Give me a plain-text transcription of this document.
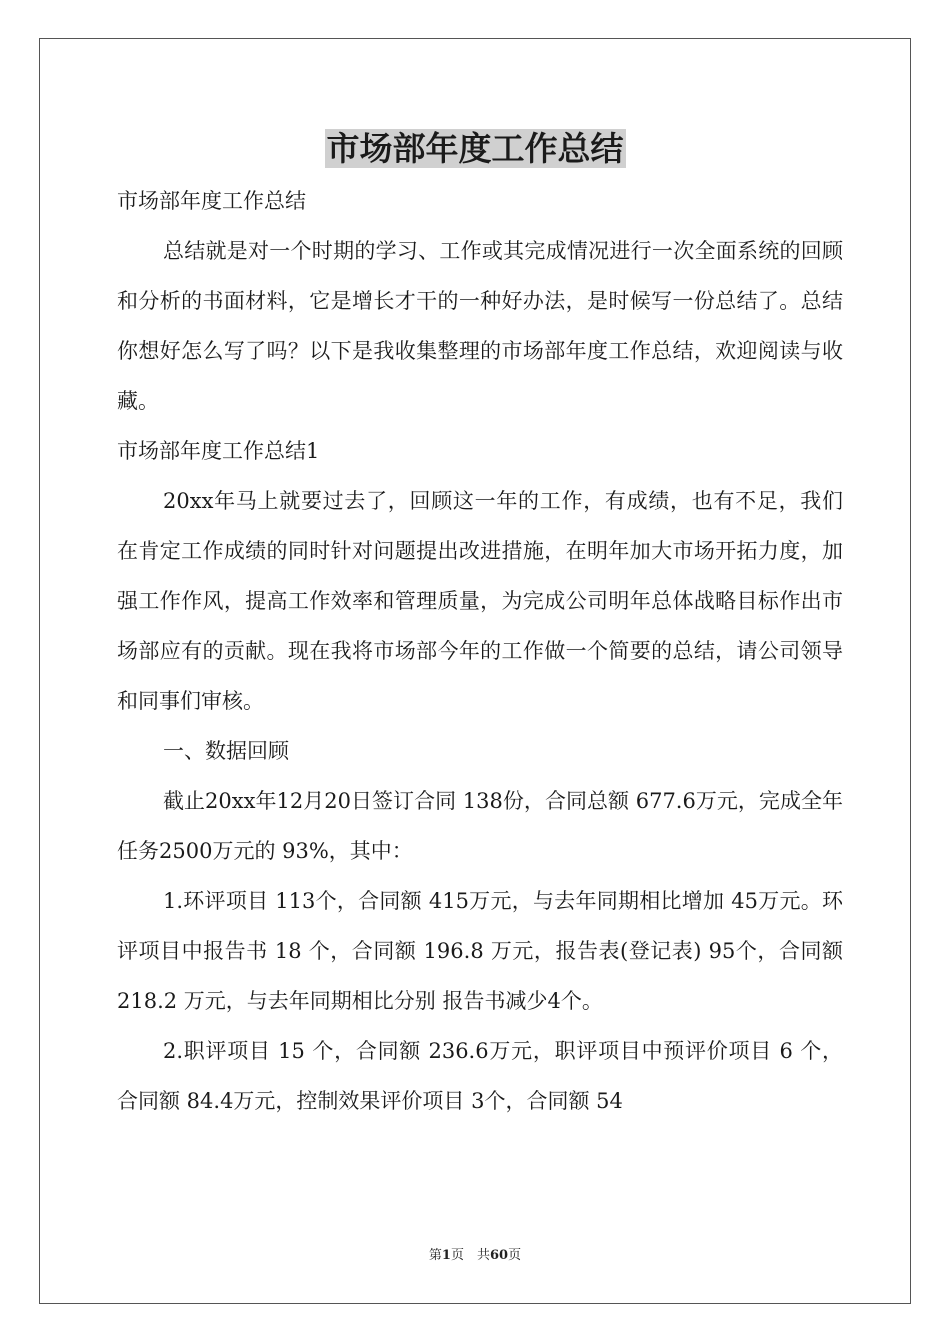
市场部年度工作总结

市场部年度工作总结

总结就是对一个时期的学习、工作或其完成情况进行一次全面系统的回顾和分析的书面材料，它是增长才干的一种好办法，是时候写一份总结了。总结你想好怎么写了吗？以下是我收集整理的市场部年度工作总结，欢迎阅读与收藏。

市场部年度工作总结1

20xx年马上就要过去了，回顾这一年的工作，有成绩，也有不足，我们在肯定工作成绩的同时针对问题提出改进措施，在明年加大市场开拓力度，加强工作作风，提高工作效率和管理质量，为完成公司明年总体战略目标作出市场部应有的贡献。现在我将市场部今年的工作做一个简要的总结，请公司领导和同事们审核。

一、数据回顾

截止20xx年12月20日签订合同 138份，合同总额 677.6万元，完成全年任务2500万元的 93%，其中：

1.环评项目 113个，合同额 415万元，与去年同期相比增加 45万元。环评项目中报告书 18 个，合同额 196.8 万元，报告表(登记表) 95个，合同额 218.2 万元，与去年同期相比分别 报告书减少4个。

2.职评项目 15 个，合同额 236.6万元，职评项目中预评价项目 6 个， 合同额 84.4万元，控制效果评价项目 3个，合同额 54

第1页　共60页
